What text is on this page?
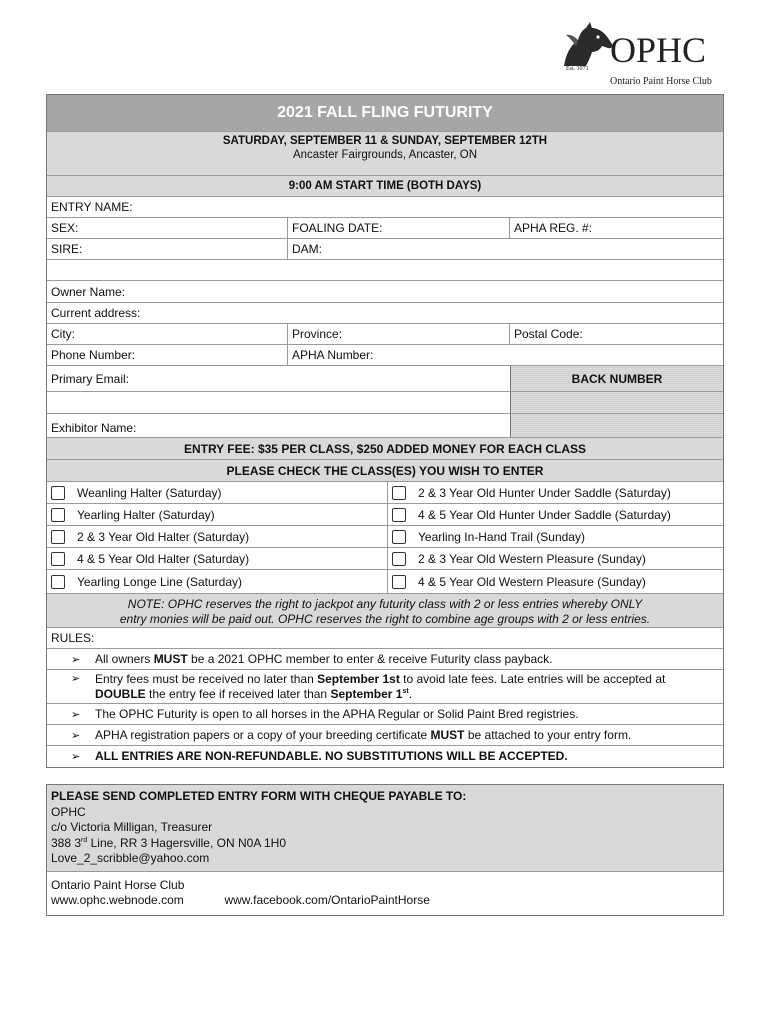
OPHC
Est. 1971
Ontario Paint Horse Club
2021 FALL FLING FUTURITY
SATURDAY, SEPTEMBER 11 & SUNDAY, SEPTEMBER 12TH
Ancaster Fairgrounds, Ancaster, ON
9:00 AM START TIME (BOTH DAYS)
ENTRY NAME:
SEX:	FOALING DATE:	APHA REG. #:
SIRE:	DAM:
Owner Name:
Current address:
City:	Province:	Postal Code:
Phone Number:	APHA Number:
Primary Email:	BACK NUMBER
Exhibitor Name:
ENTRY FEE: $35 PER CLASS, $250 ADDED MONEY FOR EACH CLASS
PLEASE CHECK THE CLASS(ES) YOU WISH TO ENTER
Weanling Halter (Saturday)	2 & 3 Year Old Hunter Under Saddle (Saturday)
Yearling Halter (Saturday)	4 & 5 Year Old Hunter Under Saddle (Saturday)
2 & 3 Year Old Halter (Saturday)	Yearling In-Hand Trail (Sunday)
4 & 5 Year Old Halter (Saturday)	2 & 3 Year Old Western Pleasure (Sunday)
Yearling Longe Line (Saturday)	4 & 5 Year Old Western Pleasure (Sunday)
NOTE: OPHC reserves the right to jackpot any futurity class with 2 or less entries whereby ONLY
entry monies will be paid out. OPHC reserves the right to combine age groups with 2 or less entries.
RULES:
➢	All owners MUST be a 2021 OPHC member to enter & receive Futurity class payback.
➢	Entry fees must be received no later than September 1st to avoid late fees. Late entries will be accepted at
DOUBLE the entry fee if received later than September 1st.
➢	The OPHC Futurity is open to all horses in the APHA Regular or Solid Paint Bred registries.
➢	APHA registration papers or a copy of your breeding certificate MUST be attached to your entry form.
➢	ALL ENTRIES ARE NON-REFUNDABLE. NO SUBSTITUTIONS WILL BE ACCEPTED.
PLEASE SEND COMPLETED ENTRY FORM WITH CHEQUE PAYABLE TO:
OPHC
c/o Victoria Milligan, Treasurer
388 3rd Line, RR 3 Hagersville, ON N0A 1H0
Love_2_scribble@yahoo.com
Ontario Paint Horse Club
www.ophc.webnode.com	www.facebook.com/OntarioPaintHorse
